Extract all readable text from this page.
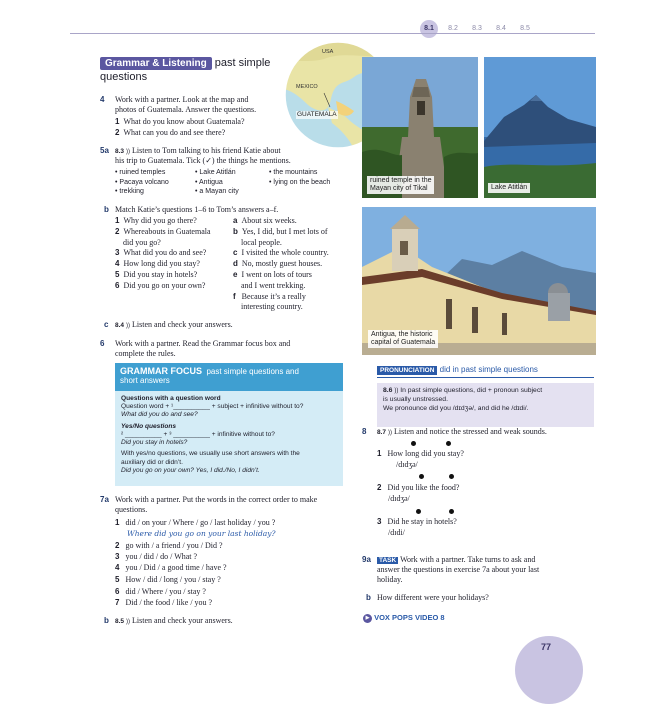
8.1	8.2	8.3	8.4	8.5
Grammar & Listening past simple
questions
USA
MEXICO
GUATEMALA
ruined temple in the
Mayan city of Tikal	Lake Atitlán
Antigua, the historic
capital of Guatemala
4 Work with a partner. Look at the map and
photos of Guatemala. Answer the questions.
1 What do you know about Guatemala?
2 What can you do and see there?
5a 8.3 )) Listen to Tom talking to his friend Katie about
his trip to Guatemala. Tick (✓) the things he mentions.
• ruined temples
• Pacaya volcano
• trekking
• Lake Atitlán
• Antigua
• a Mayan city
• the mountains
• lying on the beach
b Match Katie’s questions 1–6 to Tom’s answers a–f.
1 Why did you go there?
2 Whereabouts in Guatemala
did you go?
3 What did you do and see?
4 How long did you stay?
5 Did you stay in hotels?
6 Did you go on your own?
a About six weeks.
b Yes, I did, but I met lots of
local people.
c I visited the whole country.
d No, mostly guest houses.
e I went on lots of tours
and I went trekking.
f Because it’s a really
interesting country.
c 8.4 )) Listen and check your answers.
6 Work with a partner. Read the Grammar focus box and
complete the rules.
GRAMMAR FOCUS past simple questions and
short answers
Questions with a question word
Question word + ¹__________ + subject + infinitive without to?
What did you do and see?
Yes/No questions
² __________ + ³ __________ + infinitive without to?
Did you stay in hotels?
With yes/no questions, we usually use short answers with the
auxiliary did or didn’t.
Did you go on your own? Yes, I did./No, I didn’t.
7a Work with a partner. Put the words in the correct order to make
questions.
1 did / on your / Where / go / last holiday / you ?
Where did you go on your last holiday?
2 go with / a friend / you / Did ?
3 you / did / do / What ?
4 you / Did / a good time / have ?
5 How / did / long / you / stay ?
6 did / Where / you / stay ?
7 Did / the food / like / you ?
b 8.5 )) Listen and check your answers.
PRONUNCIATION did in past simple questions
8.6 )) In past simple questions, did + pronoun subject
is usually unstressed.
We pronounce did you /dɪdʒə/, and did he /dɪdi/.
8 8.7 )) Listen and notice the stressed and weak sounds.
1 How long did you stay?
/dɪdʒə/
2 Did you like the food?
/dɪdʒə/
3 Did he stay in hotels?
/dɪdi/
9a	TASK Work with a partner. Take turns to ask and
answer the questions in exercise 7a about your last
holiday.
b How different were your holidays?
▶ VOX POPS VIDEO 8
77
